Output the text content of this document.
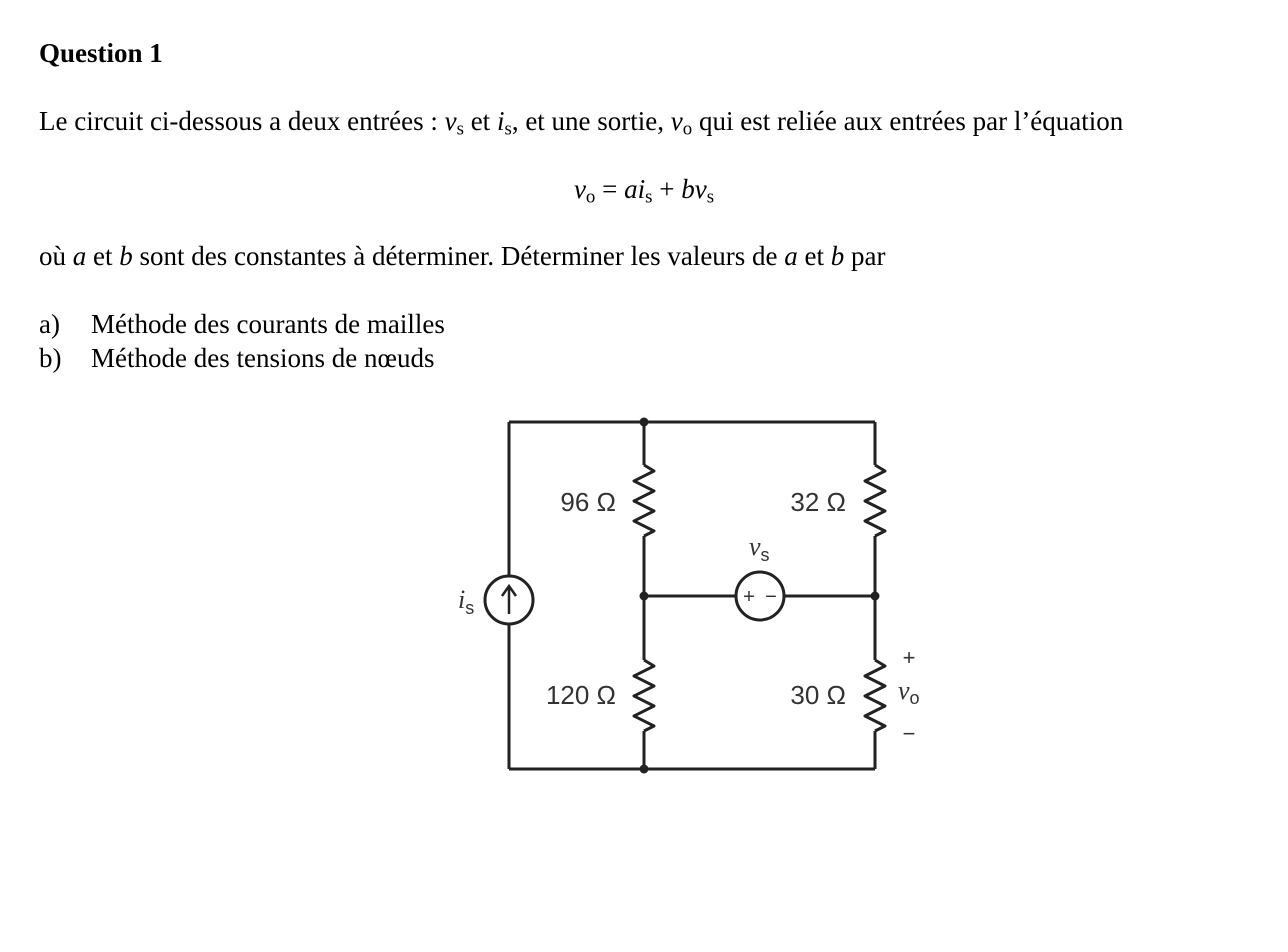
Question 1
Le circuit ci-dessous a deux entrées : $v_s$ et $i_s$, et une sortie, $v_o$ qui est reliée aux entrées par l’équation
$v_o = ai_s + bv_s$
où a et b sont des constantes à déterminer. Déterminer les valeurs de a et b par
a) Méthode des courants de mailles
b) Méthode des tensions de nœuds
96 Ω	32 Ω
120 Ω	30 Ω
$i_s$
$v_s$
+ −
+
vo
−
